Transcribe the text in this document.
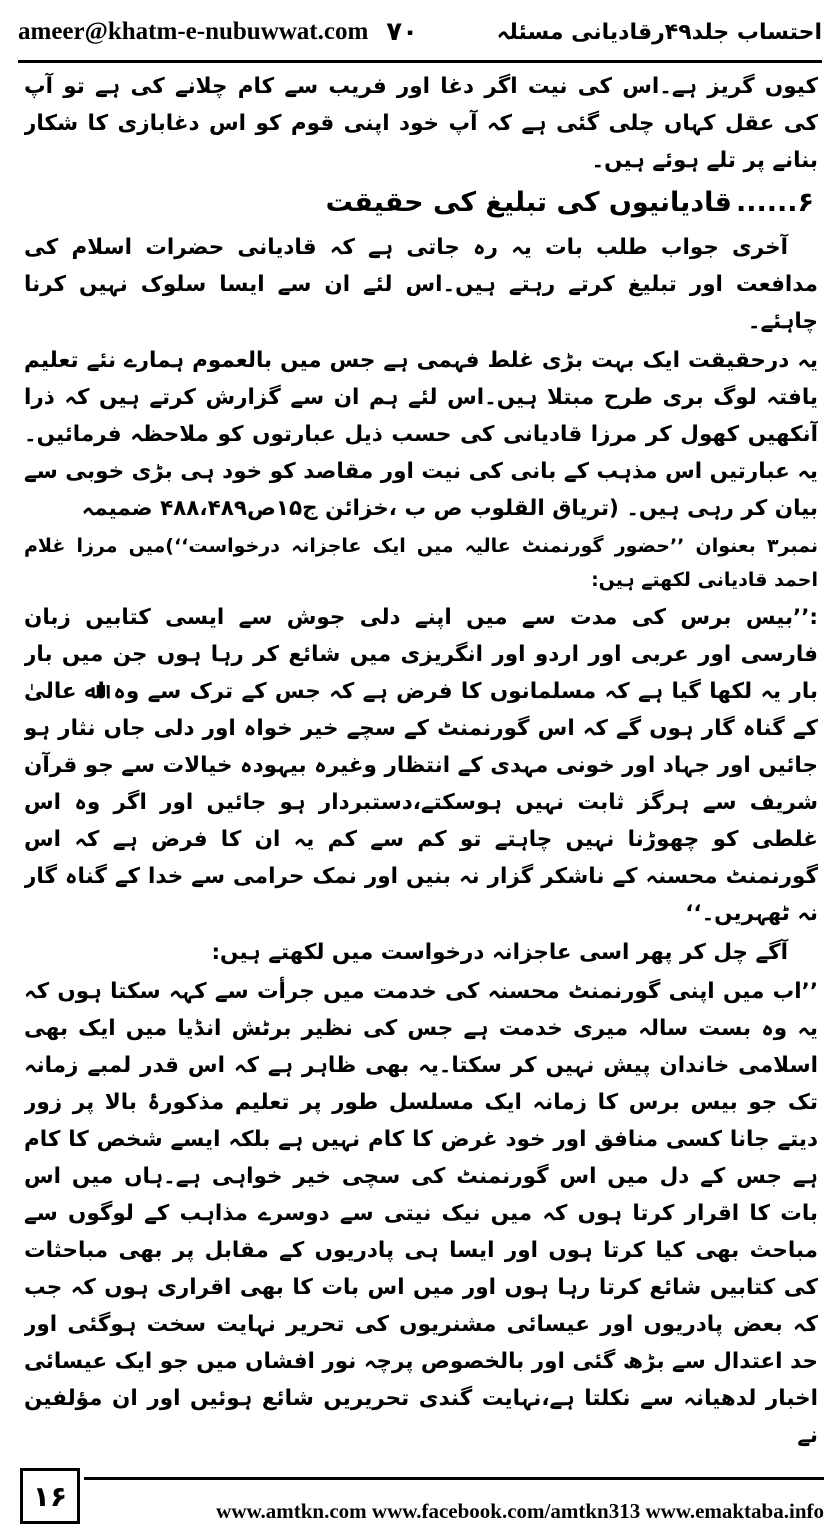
ameer@khatm-e-nubuwwat.com ۷۰	احتساب جلد۴۹رقادیانی مسئلہ

کیوں گریز ہے۔اس کی نیت اگر دغا اور فریب سے کام چلانے کی ہے تو آپ کی عقل کہاں چلی گئی ہے کہ آپ خود اپنی قوم کو اس دغابازی کا شکار بنانے پر تلے ہوئے ہیں۔

۶......قادیانیوں کی تبلیغ کی حقیقت

آخری جواب طلب بات یہ رہ جاتی ہے کہ قادیانی حضرات اسلام کی مدافعت اور تبلیغ کرتے رہتے ہیں۔اس لئے ان سے ایسا سلوک نہیں کرنا چاہئے۔

یہ درحقیقت ایک بہت بڑی غلط فہمی ہے جس میں بالعموم ہمارے نئے تعلیم یافتہ لوگ بری طرح مبتلا ہیں۔اس لئے ہم ان سے گزارش کرتے ہیں کہ ذرا آنکھیں کھول کر مرزا قادیانی کی حسب ذیل عبارتوں کو ملاحظہ فرمائیں۔یہ عبارتیں اس مذہب کے بانی کی نیت اور مقاصد کو خود ہی بڑی خوبی سے بیان کر رہی ہیں۔ (تریاق القلوب ص ب ،خزائن ج۱۵ص۴۸۸،۴۸۹ ضمیمہ

نمبر۳ بعنوان ’’حضور گورنمنٹ عالیہ میں ایک عاجزانہ درخواست‘‘)میں مرزا غلام احمد قادیانی لکھتے ہیں:

:’’بیس برس کی مدت سے میں اپنے دلی جوش سے ایسی کتابیں زبان فارسی اور عربی اور اردو اور انگریزی میں شائع کر رہا ہوں جن میں بار بار یہ لکھا گیا ہے کہ مسلمانوں کا فرض ہے کہ جس کے ترک سے وہ اﷲ عالیٰ کے گناہ گار ہوں گے کہ اس گورنمنٹ کے سچے خیر خواہ اور دلی جاں نثار ہو جائیں اور جہاد اور خونی مہدی کے انتظار وغیرہ بیہودہ خیالات سے جو قرآن شریف سے ہرگز ثابت نہیں ہوسکتے،دستبردار ہو جائیں اور اگر وہ اس غلطی کو چھوڑنا نہیں چاہتے تو کم سے کم یہ ان کا فرض ہے کہ اس گورنمنٹ محسنہ کے ناشکر گزار نہ بنیں اور نمک حرامی سے خدا کے گناہ گار نہ ٹھہریں۔‘‘

آگے چل کر پھر اسی عاجزانہ درخواست میں لکھتے ہیں:

’’اب میں اپنی گورنمنٹ محسنہ کی خدمت میں جرأت سے کہہ سکتا ہوں کہ یہ وہ بست سالہ میری خدمت ہے جس کی نظیر برٹش انڈیا میں ایک بھی اسلامی خاندان پیش نہیں کر سکتا۔یہ بھی ظاہر ہے کہ اس قدر لمبے زمانہ تک جو بیس برس کا زمانہ ایک مسلسل طور پر تعلیم مذکورۂ بالا پر زور دیتے جانا کسی منافق اور خود غرض کا کام نہیں ہے بلکہ ایسے شخص کا کام ہے جس کے دل میں اس گورنمنٹ کی سچی خیر خواہی ہے۔ہاں میں اس بات کا اقرار کرتا ہوں کہ میں نیک نیتی سے دوسرے مذاہب کے لوگوں سے مباحث بھی کیا کرتا ہوں اور ایسا ہی پادریوں کے مقابل پر بھی مباحثات کی کتابیں شائع کرتا رہا ہوں اور میں اس بات کا بھی اقراری ہوں کہ جب کہ بعض پادریوں اور عیسائی مشنریوں کی تحریر نہایت سخت ہوگئی اور حد اعتدال سے بڑھ گئی اور بالخصوص پرچہ نور افشاں میں جو ایک عیسائی اخبار لدھیانہ سے نکلتا ہے،نہایت گندی تحریریں شائع ہوئیں اور ان مؤلفین نے

۱۶	www.amtkn.com www.facebook.com/amtkn313 www.emaktaba.info
